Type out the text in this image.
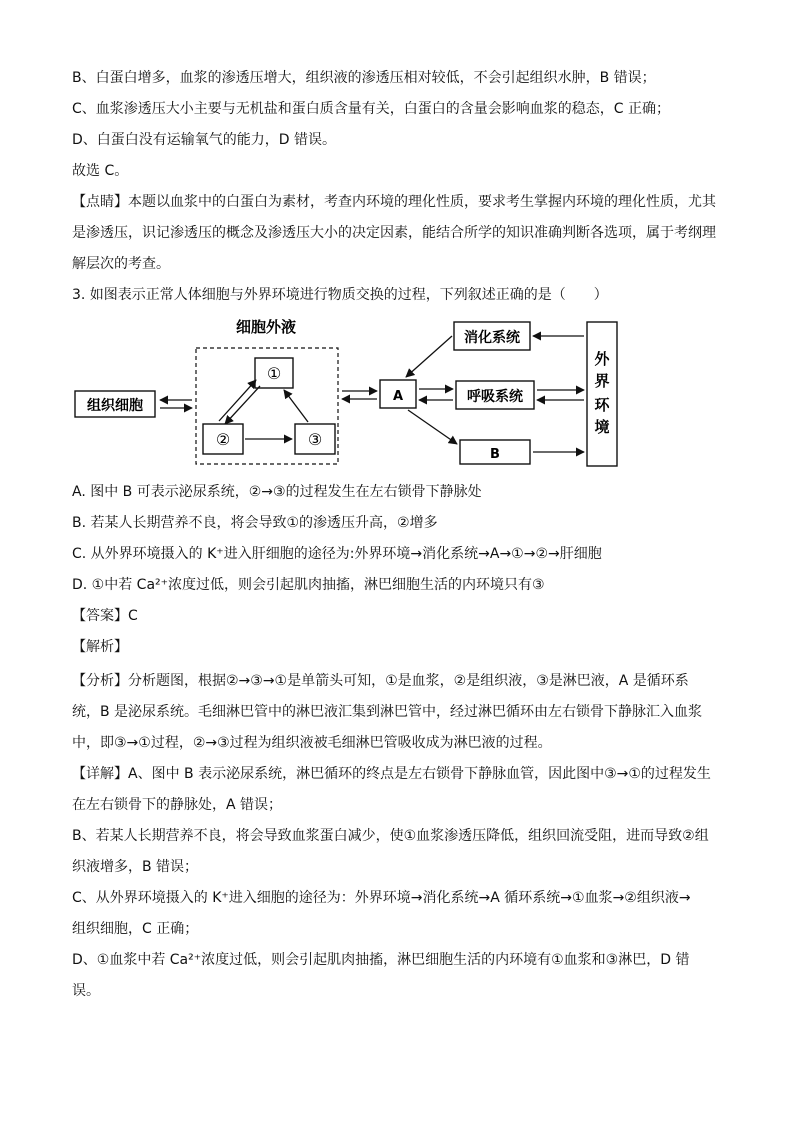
B、白蛋白增多，血浆的渗透压增大，组织液的渗透压相对较低，不会引起组织水肿，B 错误；
C、血浆渗透压大小主要与无机盐和蛋白质含量有关，白蛋白的含量会影响血浆的稳态，C 正确；
D、白蛋白没有运输氧气的能力，D 错误。
故选 C。
【点睛】本题以血浆中的白蛋白为素材，考查内环境的理化性质，要求考生掌握内环境的理化性质，尤其
是渗透压，识记渗透压的概念及渗透压大小的决定因素，能结合所学的知识准确判断各选项，属于考纲理
解层次的考查。
3. 如图表示正常人体细胞与外界环境进行物质交换的过程，下列叙述正确的是（　　）
细胞外液
组织细胞
①
②	③
A
消化系统
呼吸系统
B
外
界
环
境
A. 图中 B 可表示泌尿系统，②→③的过程发生在左右锁骨下静脉处
B. 若某人长期营养不良，将会导致①的渗透压升高，②增多
C. 从外界环境摄入的 K⁺进入肝细胞的途径为:外界环境→消化系统→A→①→②→肝细胞
D. ①中若 Ca²⁺浓度过低，则会引起肌肉抽搐，淋巴细胞生活的内环境只有③
【答案】C
【解析】
【分析】分析题图，根据②→③→①是单箭头可知，①是血浆，②是组织液，③是淋巴液，A 是循环系
统，B 是泌尿系统。毛细淋巴管中的淋巴液汇集到淋巴管中，经过淋巴循环由左右锁骨下静脉汇入血浆
中，即③→①过程，②→③过程为组织液被毛细淋巴管吸收成为淋巴液的过程。
【详解】A、图中 B 表示泌尿系统，淋巴循环的终点是左右锁骨下静脉血管，因此图中③→①的过程发生
在左右锁骨下的静脉处，A 错误；
B、若某人长期营养不良，将会导致血浆蛋白减少，使①血浆渗透压降低，组织回流受阻，进而导致②组
织液增多，B 错误；
C、从外界环境摄入的 K⁺进入细胞的途径为：外界环境→消化系统→A 循环系统→①血浆→②组织液→
组织细胞，C 正确；
D、①血浆中若 Ca²⁺浓度过低，则会引起肌肉抽搐，淋巴细胞生活的内环境有①血浆和③淋巴，D 错
误。
